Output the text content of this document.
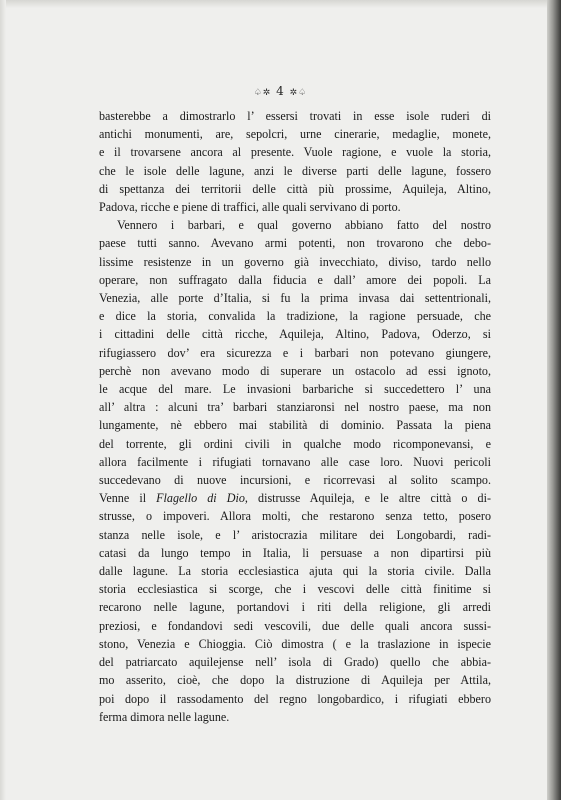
♤✲ 4 ✲♤
basterebbe a dimostrarlo l’ essersi trovati in esse isole ruderi di
antichi monumenti, are, sepolcri, urne cinerarie, medaglie, monete,
e il trovarsene ancora al presente. Vuole ragione, e vuole la storia,
che le isole delle lagune, anzi le diverse parti delle lagune, fossero
di spettanza dei territorii delle città più prossime, Aquileja, Altino,
Padova, ricche e piene di traffici, alle quali servivano di porto.
Vennero i barbari, e qual governo abbiano fatto del nostro
paese tutti sanno. Avevano armi potenti, non trovarono che debo-
lissime resistenze in un governo già invecchiato, diviso, tardo nello
operare, non suffragato dalla fiducia e dall’ amore dei popoli. La
Venezia, alle porte d’Italia, si fu la prima invasa dai settentrionali,
e dice la storia, convalida la tradizione, la ragione persuade, che
i cittadini delle città ricche, Aquileja, Altino, Padova, Oderzo, si
rifugiassero dov’ era sicurezza e i barbari non potevano giungere,
perchè non avevano modo di superare un ostacolo ad essi ignoto,
le acque del mare. Le invasioni barbariche si succedettero l’ una
all’ altra : alcuni tra’ barbari stanziaronsi nel nostro paese, ma non
lungamente, nè ebbero mai stabilità di dominio. Passata la piena
del torrente, gli ordini civili in qualche modo ricomponevansi, e
allora facilmente i rifugiati tornavano alle case loro. Nuovi pericoli
succedevano di nuove incursioni, e ricorrevasi al solito scampo.
Venne il Flagello di Dio, distrusse Aquileja, e le altre città o di-
strusse, o impoveri. Allora molti, che restarono senza tetto, posero
stanza nelle isole, e l’ aristocrazia militare dei Longobardi, radi-
catasi da lungo tempo in Italia, li persuase a non dipartirsi più
dalle lagune. La storia ecclesiastica ajuta qui la storia civile. Dalla
storia ecclesiastica si scorge, che i vescovi delle città finitime si
recarono nelle lagune, portandovi i riti della religione, gli arredi
preziosi, e fondandovi sedi vescovili, due delle quali ancora sussi-
stono, Venezia e Chioggia. Ciò dimostra ( e la traslazione in ispecie
del patriarcato aquilejense nell’ isola di Grado) quello che abbia-
mo asserito, cioè, che dopo la distruzione di Aquileja per Attila,
poi dopo il rassodamento del regno longobardico, i rifugiati ebbero
ferma dimora nelle lagune.
